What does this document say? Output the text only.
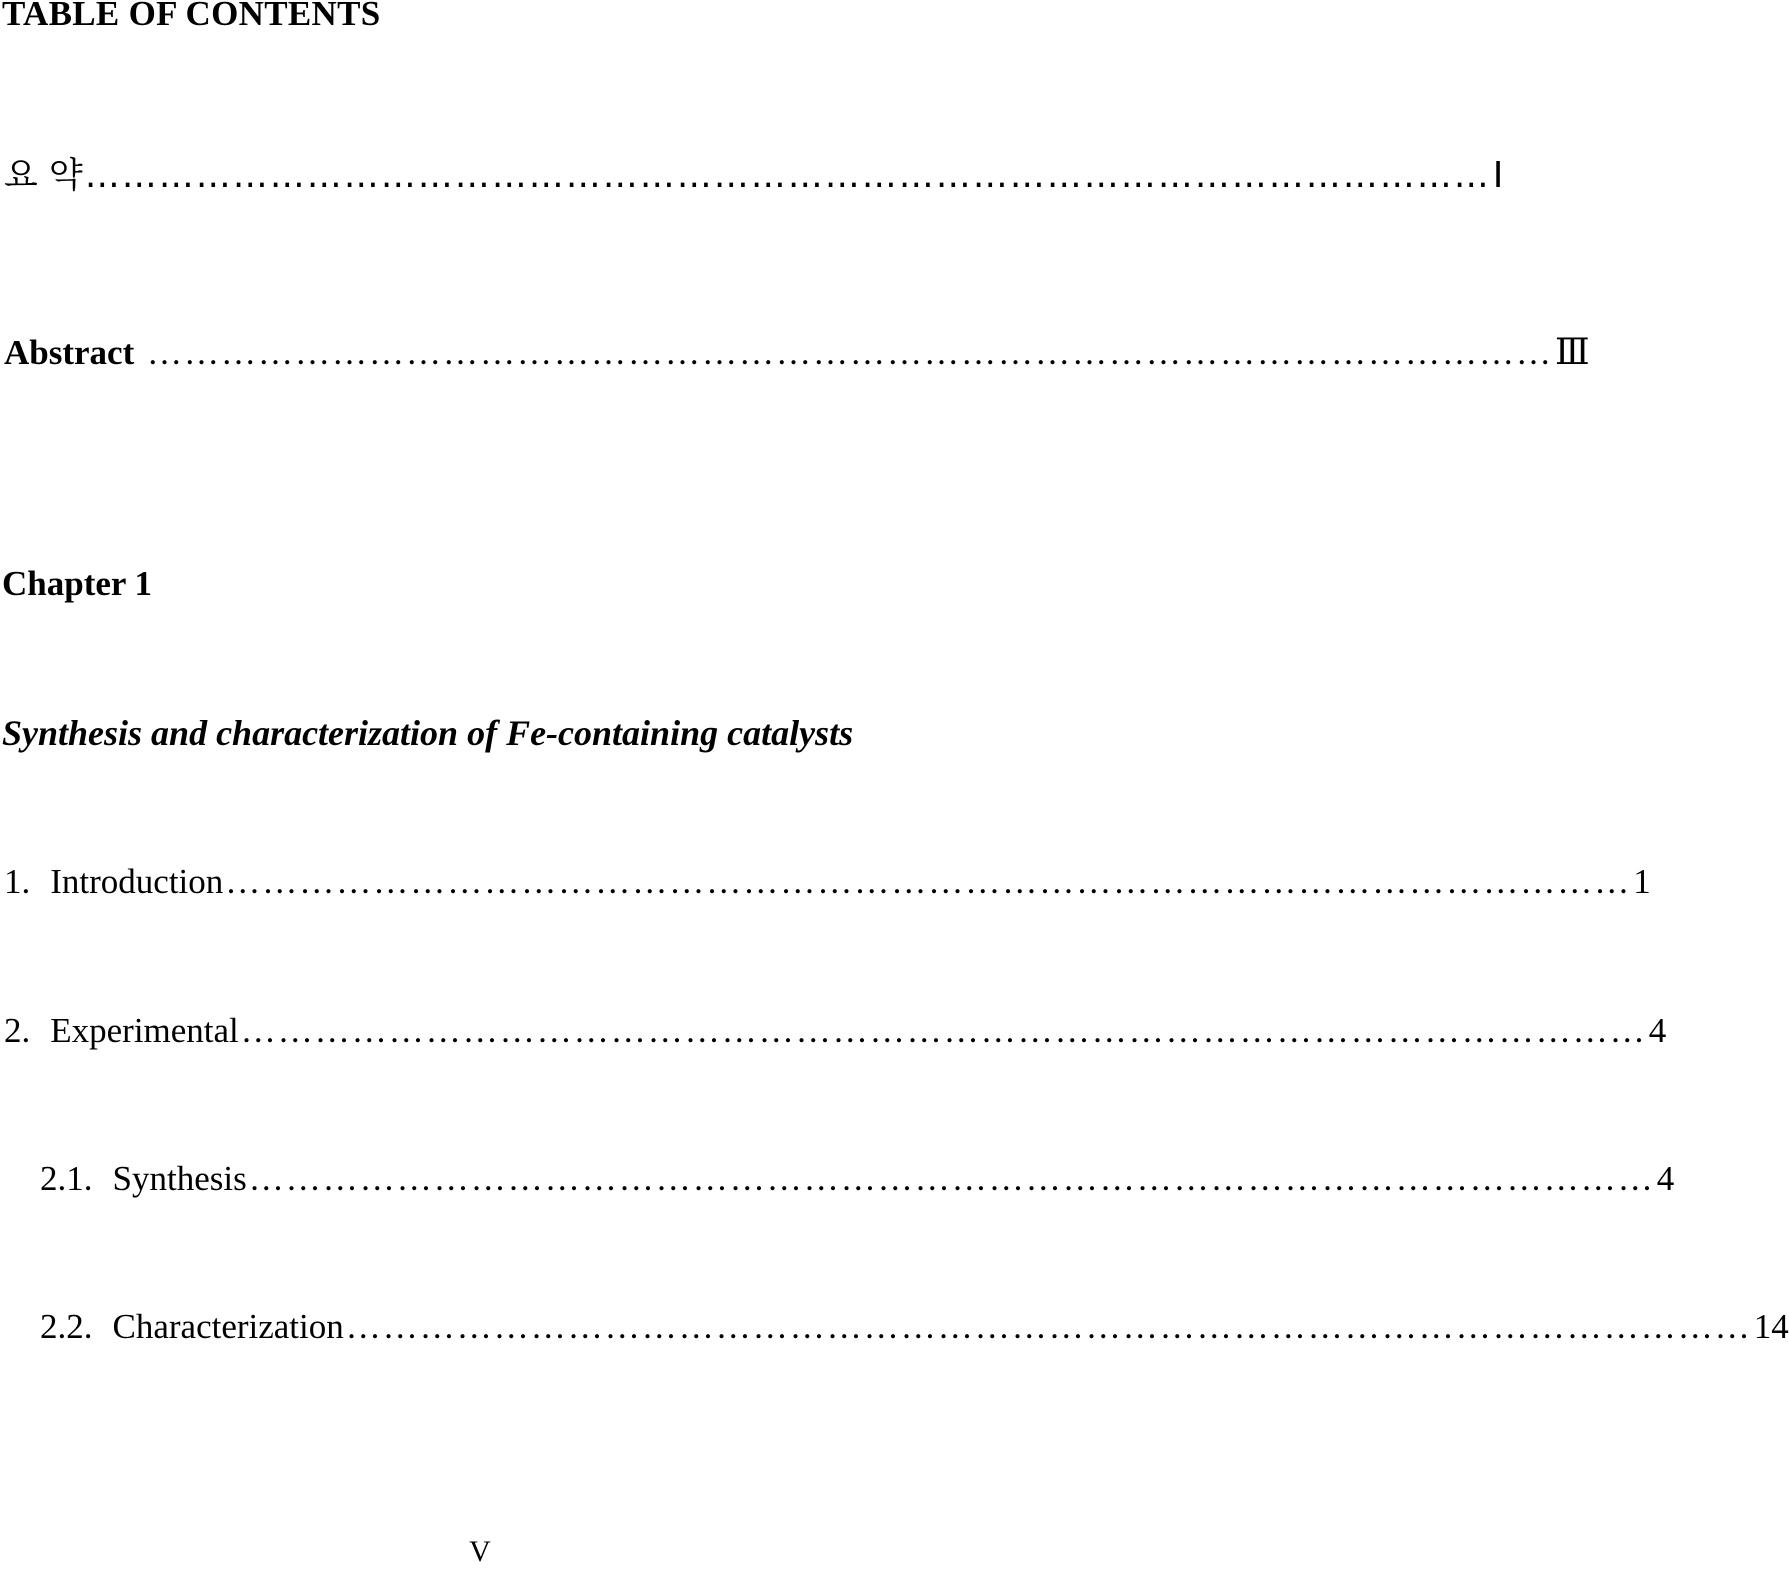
TABLE OF CONTENTS
요 약 …………………………………………………………………………………………………… Ⅰ
Abstract …………………………………………………………………………………………………… Ⅲ
Chapter 1
Synthesis and characterization of Fe-containing catalysts
1. Introduction …………………………………………………………………………………………………… 1
2. Experimental …………………………………………………………………………………………………… 4
2.1. Synthesis …………………………………………………………………………………………………… 4
2.2. Characterization …………………………………………………………………………………………………… 14
V
